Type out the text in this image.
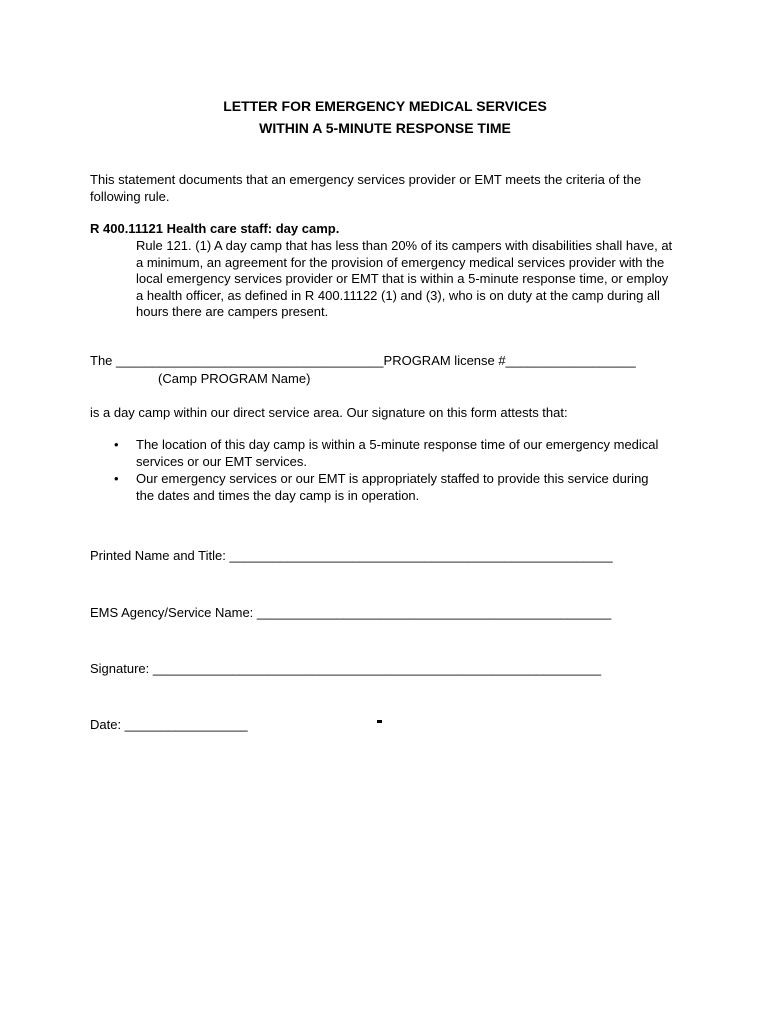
LETTER FOR EMERGENCY MEDICAL SERVICES
WITHIN A 5-MINUTE RESPONSE TIME
This statement documents that an emergency services provider or EMT meets the criteria of the following rule.
R 400.11121 Health care staff: day camp.
Rule 121. (1) A day camp that has less than 20% of its campers with disabilities shall have, at a minimum, an agreement for the provision of emergency medical services provider with the local emergency services provider or EMT that is within a 5-minute response time, or employ a health officer, as defined in R 400.11122 (1) and (3), who is on duty at the camp during all hours there are campers present.
The _____________________________________PROGRAM license #__________________
(Camp PROGRAM Name)
is a day camp within our direct service area. Our signature on this form attests that:
• The location of this day camp is within a 5-minute response time of our emergency medical services or our EMT services.
• Our emergency services or our EMT is appropriately staffed to provide this service during the dates and times the day camp is in operation.
Printed Name and Title: _____________________________________________________
EMS Agency/Service Name: _________________________________________________
Signature: ______________________________________________________________
Date: _________________
